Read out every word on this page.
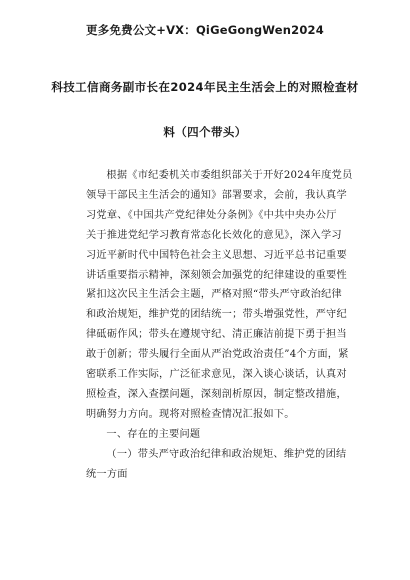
更多免费公文+VX：QiGeGongWen2024
科技工信商务副市长在2024年民主生活会上的对照检查材
料（四个带头）

根据《市纪委机关市委组织部关于开好2024年度党员
领导干部民主生活会的通知》部署要求，会前，我认真学
习党章、《中国共产党纪律处分条例》《中共中央办公厅
关于推进党纪学习教育常态化长效化的意见》，深入学习
习近平新时代中国特色社会主义思想、习近平总书记重要
讲话重要指示精神，深刻领会加强党的纪律建设的重要性
紧扣这次民主生活会主题，严格对照“带头严守政治纪律
和政治规矩，维护党的团结统一；带头增强党性，严守纪
律砥砺作风；带头在遵规守纪、清正廉洁前提下勇于担当
敢于创新；带头履行全面从严治党政治责任”4个方面，紧
密联系工作实际，广泛征求意见，深入谈心谈话，认真对
照检查，深入查摆问题，深刻剖析原因，制定整改措施，
明确努力方向。现将对照检查情况汇报如下。

一、存在的主要问题

（一）带头严守政治纪律和政治规矩、维护党的团结
统一方面
